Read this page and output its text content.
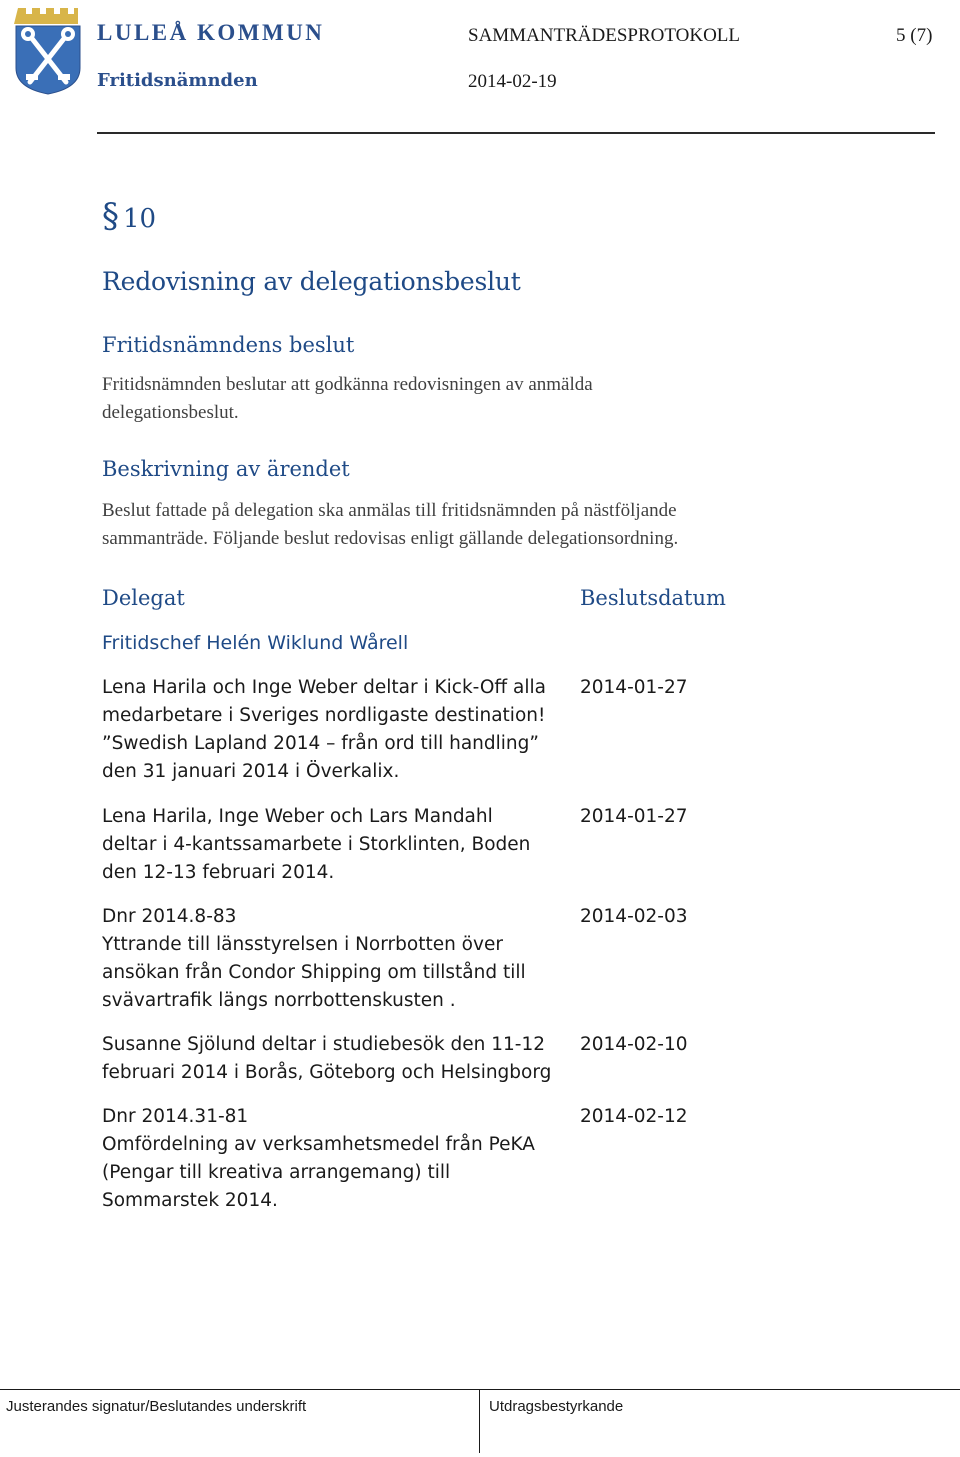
LULEÅ KOMMUN
Fritidsnämnden
SAMMANTRÄDESPROTOKOLL	5 (7)
2014-02-19
§ 10
Redovisning av delegationsbeslut
Fritidsnämndens beslut
Fritidsnämnden beslutar att godkänna redovisningen av anmälda
delegationsbeslut.
Beskrivning av ärendet
Beslut fattade på delegation ska anmälas till fritidsnämnden på nästföljande
sammanträde. Följande beslut redovisas enligt gällande delegationsordning.
Delegat	Beslutsdatum
Fritidschef Helén Wiklund Wårell
Lena Harila och Inge Weber deltar i Kick-Off alla
medarbetare i Sveriges nordligaste destination!
”Swedish Lapland 2014 – från ord till handling”
den 31 januari 2014 i Överkalix.
2014-01-27
Lena Harila, Inge Weber och Lars Mandahl
deltar i 4-kantssamarbete i Storklinten, Boden
den 12-13 februari 2014.
2014-01-27
Dnr 2014.8-83
Yttrande till länsstyrelsen i Norrbotten över
ansökan från Condor Shipping om tillstånd till
svävartrafik längs norrbottenskusten .
2014-02-03
Susanne Sjölund deltar i studiebesök den 11-12
februari 2014 i Borås, Göteborg och Helsingborg
2014-02-10
Dnr 2014.31-81
Omfördelning av verksamhetsmedel från PeKA
(Pengar till kreativa arrangemang) till
Sommarstek 2014.
2014-02-12
Justerandes signatur/Beslutandes underskrift	Utdragsbestyrkande
